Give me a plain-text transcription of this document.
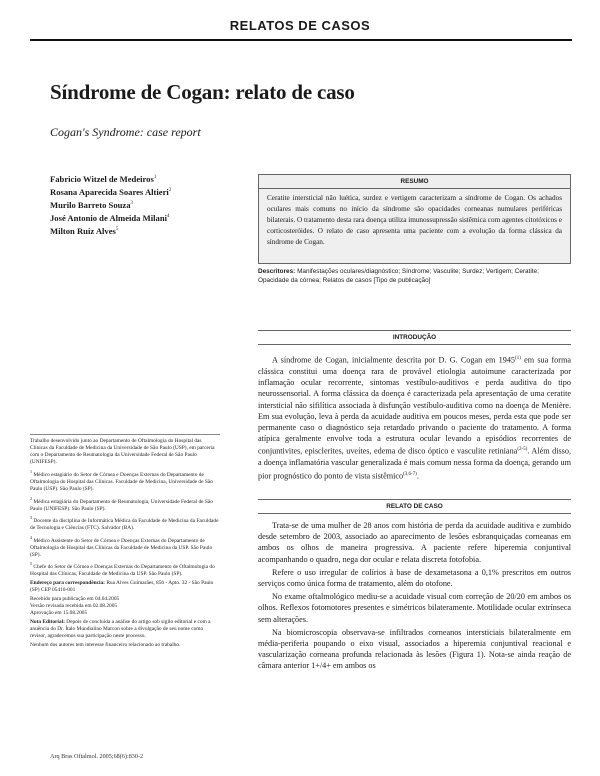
RELATOS DE CASOS
Síndrome de Cogan: relato de caso
Cogan's Syndrome: case report
Fabricio Witzel de Medeiros$^1$
Rosana Aparecida Soares Altieri$^2$
Murilo Barreto Souza$^3$
José Antonio de Almeida Milani$^4$
Milton Ruiz Alves$^5$
RESUMO
Ceratite intersticial não luética, surdez e vertigem caracterizam a síndrome de Cogan. Os achados oculares mais comuns no início da síndrome são opacidades corneanas numulares periféricas bilaterais. O tratamento desta rara doença utiliza imunossupressão sistêmica com agentes citotóxicos e corticosteróides. O relato de caso apresenta uma paciente com a evolução da forma clássica da síndrome de Cogan.
Descritores: Manifestações oculares/diagnóstico; Síndrome; Vasculite; Surdez; Vertigem; Ceratite; Opacidade da córnea; Relatos de casos [Tipo de publicação]
INTRODUÇÃO

A síndrome de Cogan, inicialmente descrita por D. G. Cogan em 1945$^{(1)}$ em sua forma clássica constitui uma doença rara de provável etiologia autoimune caracterizada por inflamação ocular recorrente, sintomas vestíbulo-auditivos e perda auditiva do tipo neurossensorial. A forma clássica da doença é caracterizada pela apresentação de uma ceratite intersticial não sifilítica associada à disfunção vestíbulo-auditiva como na doença de Menière. Em sua evolução, leva à perda da acuidade auditiva em poucos meses, perda esta que pode ser permanente caso o diagnóstico seja retardado privando o paciente do tratamento. A forma atípica geralmente envolve toda a estrutura ocular levando a episódios recorrentes de conjuntivites, episclerites, uveítes, edema de disco óptico e vasculite retiniana$^{(2-5)}$. Além disso, a doença inflamatória vascular generalizada é mais comum nessa forma da doença, gerando um pior prognóstico do ponto de vista sistêmico$^{(3,6-7)}$.

RELATO DE CASO

Trata-se de uma mulher de 28 anos com história de perda da acuidade auditiva e zumbido desde setembro de 2003, associado ao aparecimento de lesões esbranquiçadas corneanas em ambos os olhos de maneira progressiva. A paciente refere hiperemia conjuntival acompanhando o quadro, nega dor ocular e relata discreta fotofobia.

Refere o uso irregular de colírios à base de dexametasona a 0,1% prescritos em outros serviços como única forma de tratamento, além do otofone.

No exame oftalmológico mediu-se a acuidade visual com correção de 20/20 em ambos os olhos. Reflexos fotomotores presentes e simétricos bilateramente. Motilidade ocular extrínseca sem alterações.

Na biomicroscopia observava-se infiltrados corneanos intersticiais bilateralmente em média-periferia poupando o eixo visual, associados a hiperemia conjuntival reacional e vascularização corneana profunda relacionada às lesões (Figura 1). Nota-se ainda reação de câmara anterior 1+/4+ em ambos os

Trabalho desenvolvido junto ao Departamento de Oftalmologia do Hospital das Clínicas da Faculdade de Medicina da Universidade de São Paulo (USP), em parceria com o Departamento de Reumatologia da Universidade Federal de São Paulo (UNIFESP).

$^1$ Médico estagiário do Setor de Córnea e Doenças Externas do Departamento de Oftalmologia do Hospital das Clínicas. Faculdade de Medicina, Universidade de São Paulo (USP). São Paulo (SP).

$^2$ Médica estagiária do Departamento de Reumatologia, Universidade Federal de São Paulo (UNIFESP). São Paulo (SP).

$^3$ Docente da disciplina de Informática Médica da Faculdade de Medicina da Faculdade de Tecnologia e Ciências (FTC). Salvador (BA).

$^4$ Médico Assistente do Setor de Córnea e Doenças Externas do Departamento de Oftalmologia do Hospital das Clínicas da Faculdade de Medicina da USP. São Paulo (SP).

$^5$ Chefe do Setor de Córnea e Doenças Externas do Departamento de Oftalmologia do Hospital das Clínicas, Faculdade de Medicina da USP. São Paulo (SP).

Endereço para correspondência: Rua Alves Guimarães, 856 - Apto. 32 - São Paulo (SP) CEP 05410-001

Recebido para publicação em 04.04.2005

Versão revisada recebida em 02.08.2005

Aprovação em 15.08.2005

Nota Editorial: Depois de concluída a análise do artigo sob sigilo editorial e com a anuência do Dr. Ítalo Mundialino Marcon sobre a divulgação de seu nome como revisor, agradecemos sua participação neste processo.

Nenhum dos autores tem interesse financeiro relacionado ao trabalho.

Arq Bras Oftalmol. 2005;68(6):830-2
